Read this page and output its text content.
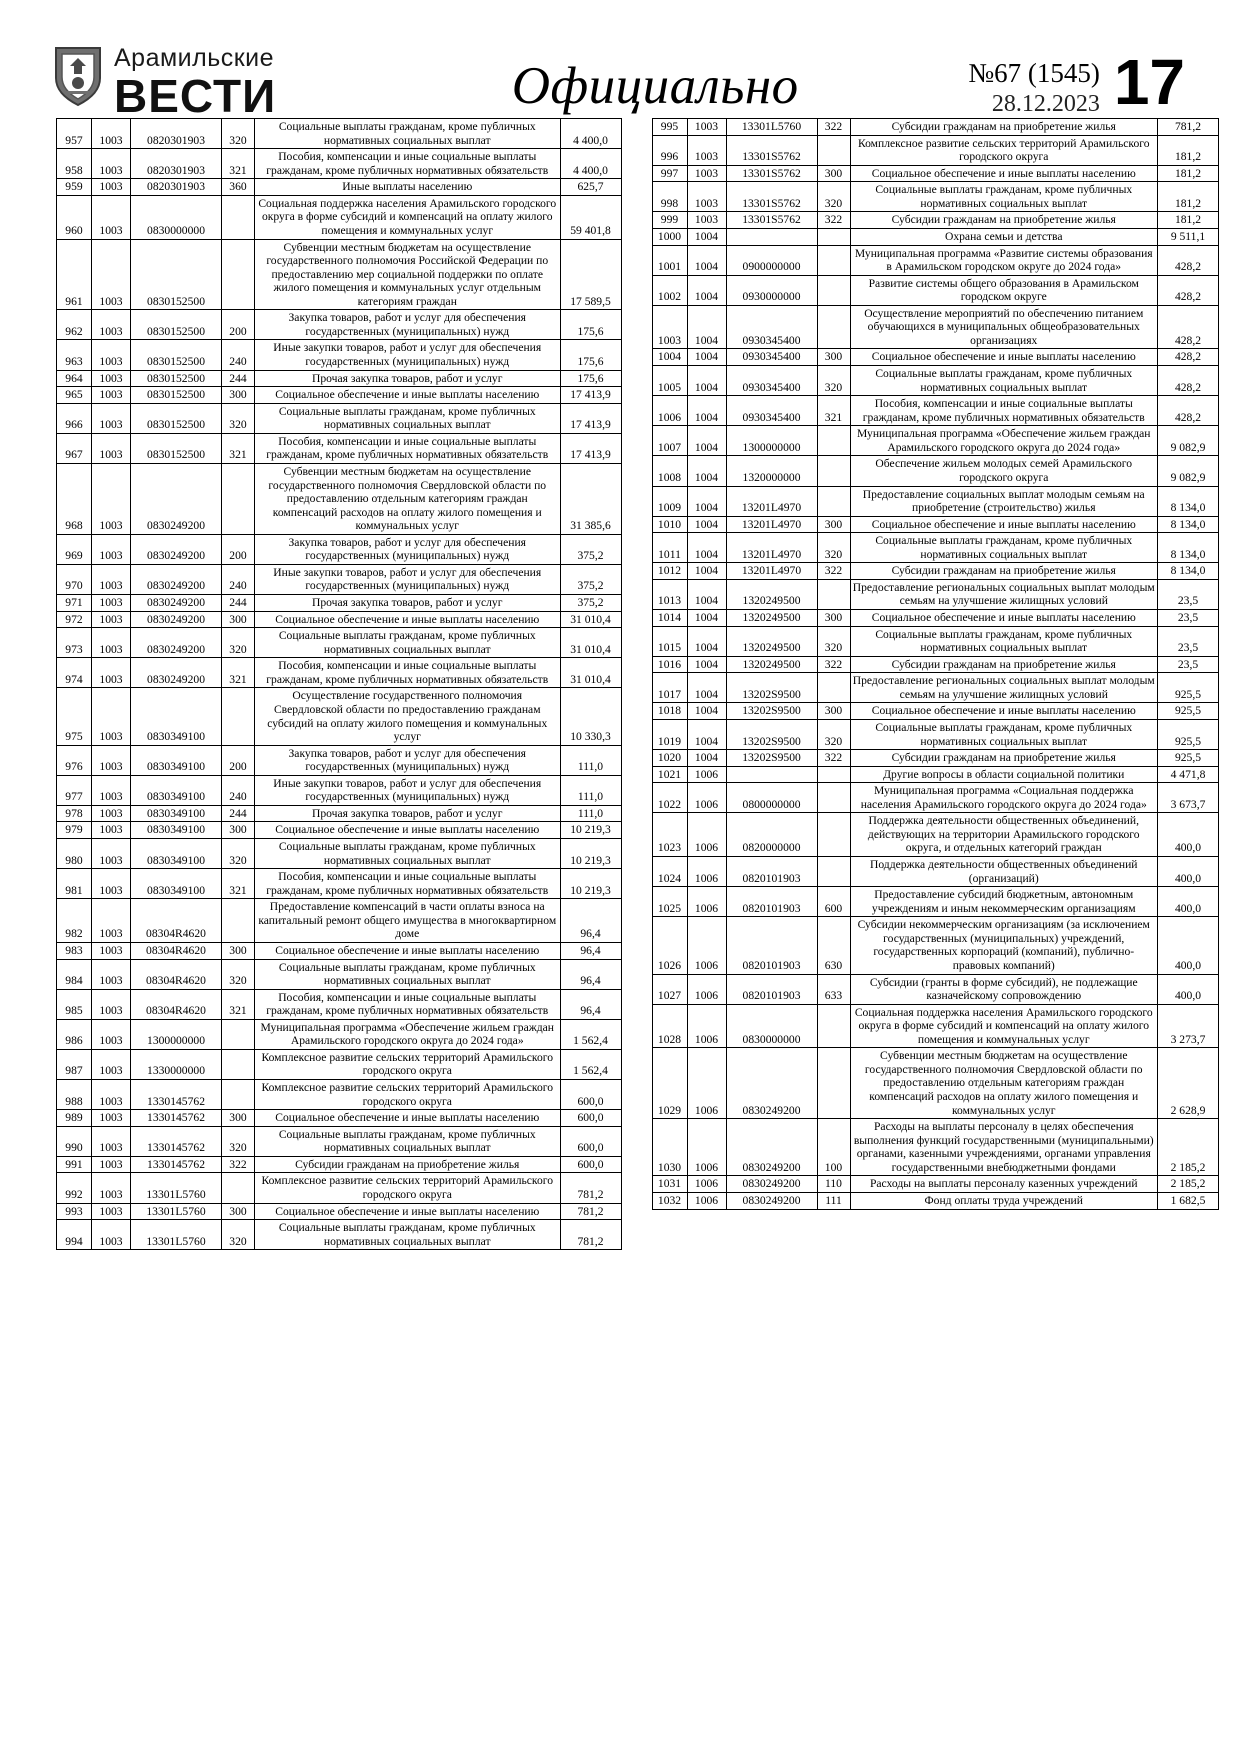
Арамильские
ВЕСТИ	Официально	№67 (1545)
28.12.2023 17
957	1003	0820301903	320	Социальные выплаты гражданам, кроме публичных нормативных социальных выплат	4 400,0
958	1003	0820301903	321	Пособия, компенсации и иные социальные выплаты гражданам, кроме публичных нормативных обязательств	4 400,0
959	1003	0820301903	360	Иные выплаты населению	625,7
960	1003	0830000000		Социальная поддержка населения Арамильского городского округа в форме субсидий и компенсаций на оплату жилого помещения и коммунальных услуг	59 401,8
961	1003	0830152500		Субвенции местным бюджетам на осуществление государственного полномочия Российской Федерации по предоставлению мер социальной поддержки по оплате жилого помещения и коммунальных услуг отдельным категориям граждан	17 589,5
962	1003	0830152500	200	Закупка товаров, работ и услуг для обеспечения государственных (муниципальных) нужд	175,6
963	1003	0830152500	240	Иные закупки товаров, работ и услуг для обеспечения государственных (муниципальных) нужд	175,6
964	1003	0830152500	244	Прочая закупка товаров, работ и услуг	175,6
965	1003	0830152500	300	Социальное обеспечение и иные выплаты населению	17 413,9
966	1003	0830152500	320	Социальные выплаты гражданам, кроме публичных нормативных социальных выплат	17 413,9
967	1003	0830152500	321	Пособия, компенсации и иные социальные выплаты гражданам, кроме публичных нормативных обязательств	17 413,9
968	1003	0830249200		Субвенции местным бюджетам на осуществление государственного полномочия Свердловской области по предоставлению отдельным категориям граждан компенсаций расходов на оплату жилого помещения и коммунальных услуг	31 385,6
969	1003	0830249200	200	Закупка товаров, работ и услуг для обеспечения государственных (муниципальных) нужд	375,2
970	1003	0830249200	240	Иные закупки товаров, работ и услуг для обеспечения государственных (муниципальных) нужд	375,2
971	1003	0830249200	244	Прочая закупка товаров, работ и услуг	375,2
972	1003	0830249200	300	Социальное обеспечение и иные выплаты населению	31 010,4
973	1003	0830249200	320	Социальные выплаты гражданам, кроме публичных нормативных социальных выплат	31 010,4
974	1003	0830249200	321	Пособия, компенсации и иные социальные выплаты гражданам, кроме публичных нормативных обязательств	31 010,4
975	1003	0830349100		Осуществление государственного полномочия Свердловской области по предоставлению гражданам субсидий на оплату жилого помещения и коммунальных услуг	10 330,3
976	1003	0830349100	200	Закупка товаров, работ и услуг для обеспечения государственных (муниципальных) нужд	111,0
977	1003	0830349100	240	Иные закупки товаров, работ и услуг для обеспечения государственных (муниципальных) нужд	111,0
978	1003	0830349100	244	Прочая закупка товаров, работ и услуг	111,0
979	1003	0830349100	300	Социальное обеспечение и иные выплаты населению	10 219,3
980	1003	0830349100	320	Социальные выплаты гражданам, кроме публичных нормативных социальных выплат	10 219,3
981	1003	0830349100	321	Пособия, компенсации и иные социальные выплаты гражданам, кроме публичных нормативных обязательств	10 219,3
982	1003	08304R4620		Предоставление компенсаций в части оплаты взноса на капитальный ремонт общего имущества в многоквартирном доме	96,4
983	1003	08304R4620	300	Социальное обеспечение и иные выплаты населению	96,4
984	1003	08304R4620	320	Социальные выплаты гражданам, кроме публичных нормативных социальных выплат	96,4
985	1003	08304R4620	321	Пособия, компенсации и иные социальные выплаты гражданам, кроме публичных нормативных обязательств	96,4
986	1003	1300000000		Муниципальная программа «Обеспечение жильем граждан Арамильского городского округа до 2024 года»	1 562,4
987	1003	1330000000		Комплексное развитие сельских территорий Арамильского городского округа	1 562,4
988	1003	1330145762		Комплексное развитие сельских территорий Арамильского городского округа	600,0
989	1003	1330145762	300	Социальное обеспечение и иные выплаты населению	600,0
990	1003	1330145762	320	Социальные выплаты гражданам, кроме публичных нормативных социальных выплат	600,0
991	1003	1330145762	322	Субсидии гражданам на приобретение жилья	600,0
992	1003	13301L5760		Комплексное развитие сельских территорий Арамильского городского округа	781,2
993	1003	13301L5760	300	Социальное обеспечение и иные выплаты населению	781,2
994	1003	13301L5760	320	Социальные выплаты гражданам, кроме публичных нормативных социальных выплат	781,2
995	1003	13301L5760	322	Субсидии гражданам на приобретение жилья	781,2
996	1003	13301S5762		Комплексное развитие сельских территорий Арамильского городского округа	181,2
997	1003	13301S5762	300	Социальное обеспечение и иные выплаты населению	181,2
998	1003	13301S5762	320	Социальные выплаты гражданам, кроме публичных нормативных социальных выплат	181,2
999	1003	13301S5762	322	Субсидии гражданам на приобретение жилья	181,2
1000	1004			Охрана семьи и детства	9 511,1
1001	1004	0900000000		Муниципальная программа «Развитие системы образования в Арамильском городском округе до 2024 года»	428,2
1002	1004	0930000000		Развитие системы общего образования в Арамильском городском округе	428,2
1003	1004	0930345400		Осуществление мероприятий по обеспечению питанием обучающихся в муниципальных общеобразовательных организациях	428,2
1004	1004	0930345400	300	Социальное обеспечение и иные выплаты населению	428,2
1005	1004	0930345400	320	Социальные выплаты гражданам, кроме публичных нормативных социальных выплат	428,2
1006	1004	0930345400	321	Пособия, компенсации и иные социальные выплаты гражданам, кроме публичных нормативных обязательств	428,2
1007	1004	1300000000		Муниципальная программа «Обеспечение жильем граждан Арамильского городского округа до 2024 года»	9 082,9
1008	1004	1320000000		Обеспечение жильем молодых семей Арамильского городского округа	9 082,9
1009	1004	13201L4970		Предоставление социальных выплат молодым семьям на приобретение (строительство) жилья	8 134,0
1010	1004	13201L4970	300	Социальное обеспечение и иные выплаты населению	8 134,0
1011	1004	13201L4970	320	Социальные выплаты гражданам, кроме публичных нормативных социальных выплат	8 134,0
1012	1004	13201L4970	322	Субсидии гражданам на приобретение жилья	8 134,0
1013	1004	1320249500		Предоставление региональных социальных выплат молодым семьям на улучшение жилищных условий	23,5
1014	1004	1320249500	300	Социальное обеспечение и иные выплаты населению	23,5
1015	1004	1320249500	320	Социальные выплаты гражданам, кроме публичных нормативных социальных выплат	23,5
1016	1004	1320249500	322	Субсидии гражданам на приобретение жилья	23,5
1017	1004	13202S9500		Предоставление региональных социальных выплат молодым семьям на улучшение жилищных условий	925,5
1018	1004	13202S9500	300	Социальное обеспечение и иные выплаты населению	925,5
1019	1004	13202S9500	320	Социальные выплаты гражданам, кроме публичных нормативных социальных выплат	925,5
1020	1004	13202S9500	322	Субсидии гражданам на приобретение жилья	925,5
1021	1006			Другие вопросы в области социальной политики	4 471,8
1022	1006	0800000000		Муниципальная программа «Социальная поддержка населения Арамильского городского округа до 2024 года»	3 673,7
1023	1006	0820000000		Поддержка деятельности общественных объединений, действующих на территории Арамильского городского округа, и отдельных категорий граждан	400,0
1024	1006	0820101903		Поддержка деятельности общественных объединений (организаций)	400,0
1025	1006	0820101903	600	Предоставление субсидий бюджетным, автономным учреждениям и иным некоммерческим организациям	400,0
1026	1006	0820101903	630	Субсидии некоммерческим организациям (за исключением государственных (муниципальных) учреждений, государственных корпораций (компаний), публично-правовых компаний)	400,0
1027	1006	0820101903	633	Субсидии (гранты в форме субсидий), не подлежащие казначейскому сопровождению	400,0
1028	1006	0830000000		Социальная поддержка населения Арамильского городского округа в форме субсидий и компенсаций на оплату жилого помещения и коммунальных услуг	3 273,7
1029	1006	0830249200		Субвенции местным бюджетам на осуществление государственного полномочия Свердловской области по предоставлению отдельным категориям граждан компенсаций расходов на оплату жилого помещения и коммунальных услуг	2 628,9
1030	1006	0830249200	100	Расходы на выплаты персоналу в целях обеспечения выполнения функций государственными (муниципальными) органами, казенными учреждениями, органами управления государственными внебюджетными фондами	2 185,2
1031	1006	0830249200	110	Расходы на выплаты персоналу казенных учреждений	2 185,2
1032	1006	0830249200	111	Фонд оплаты труда учреждений	1 682,5
